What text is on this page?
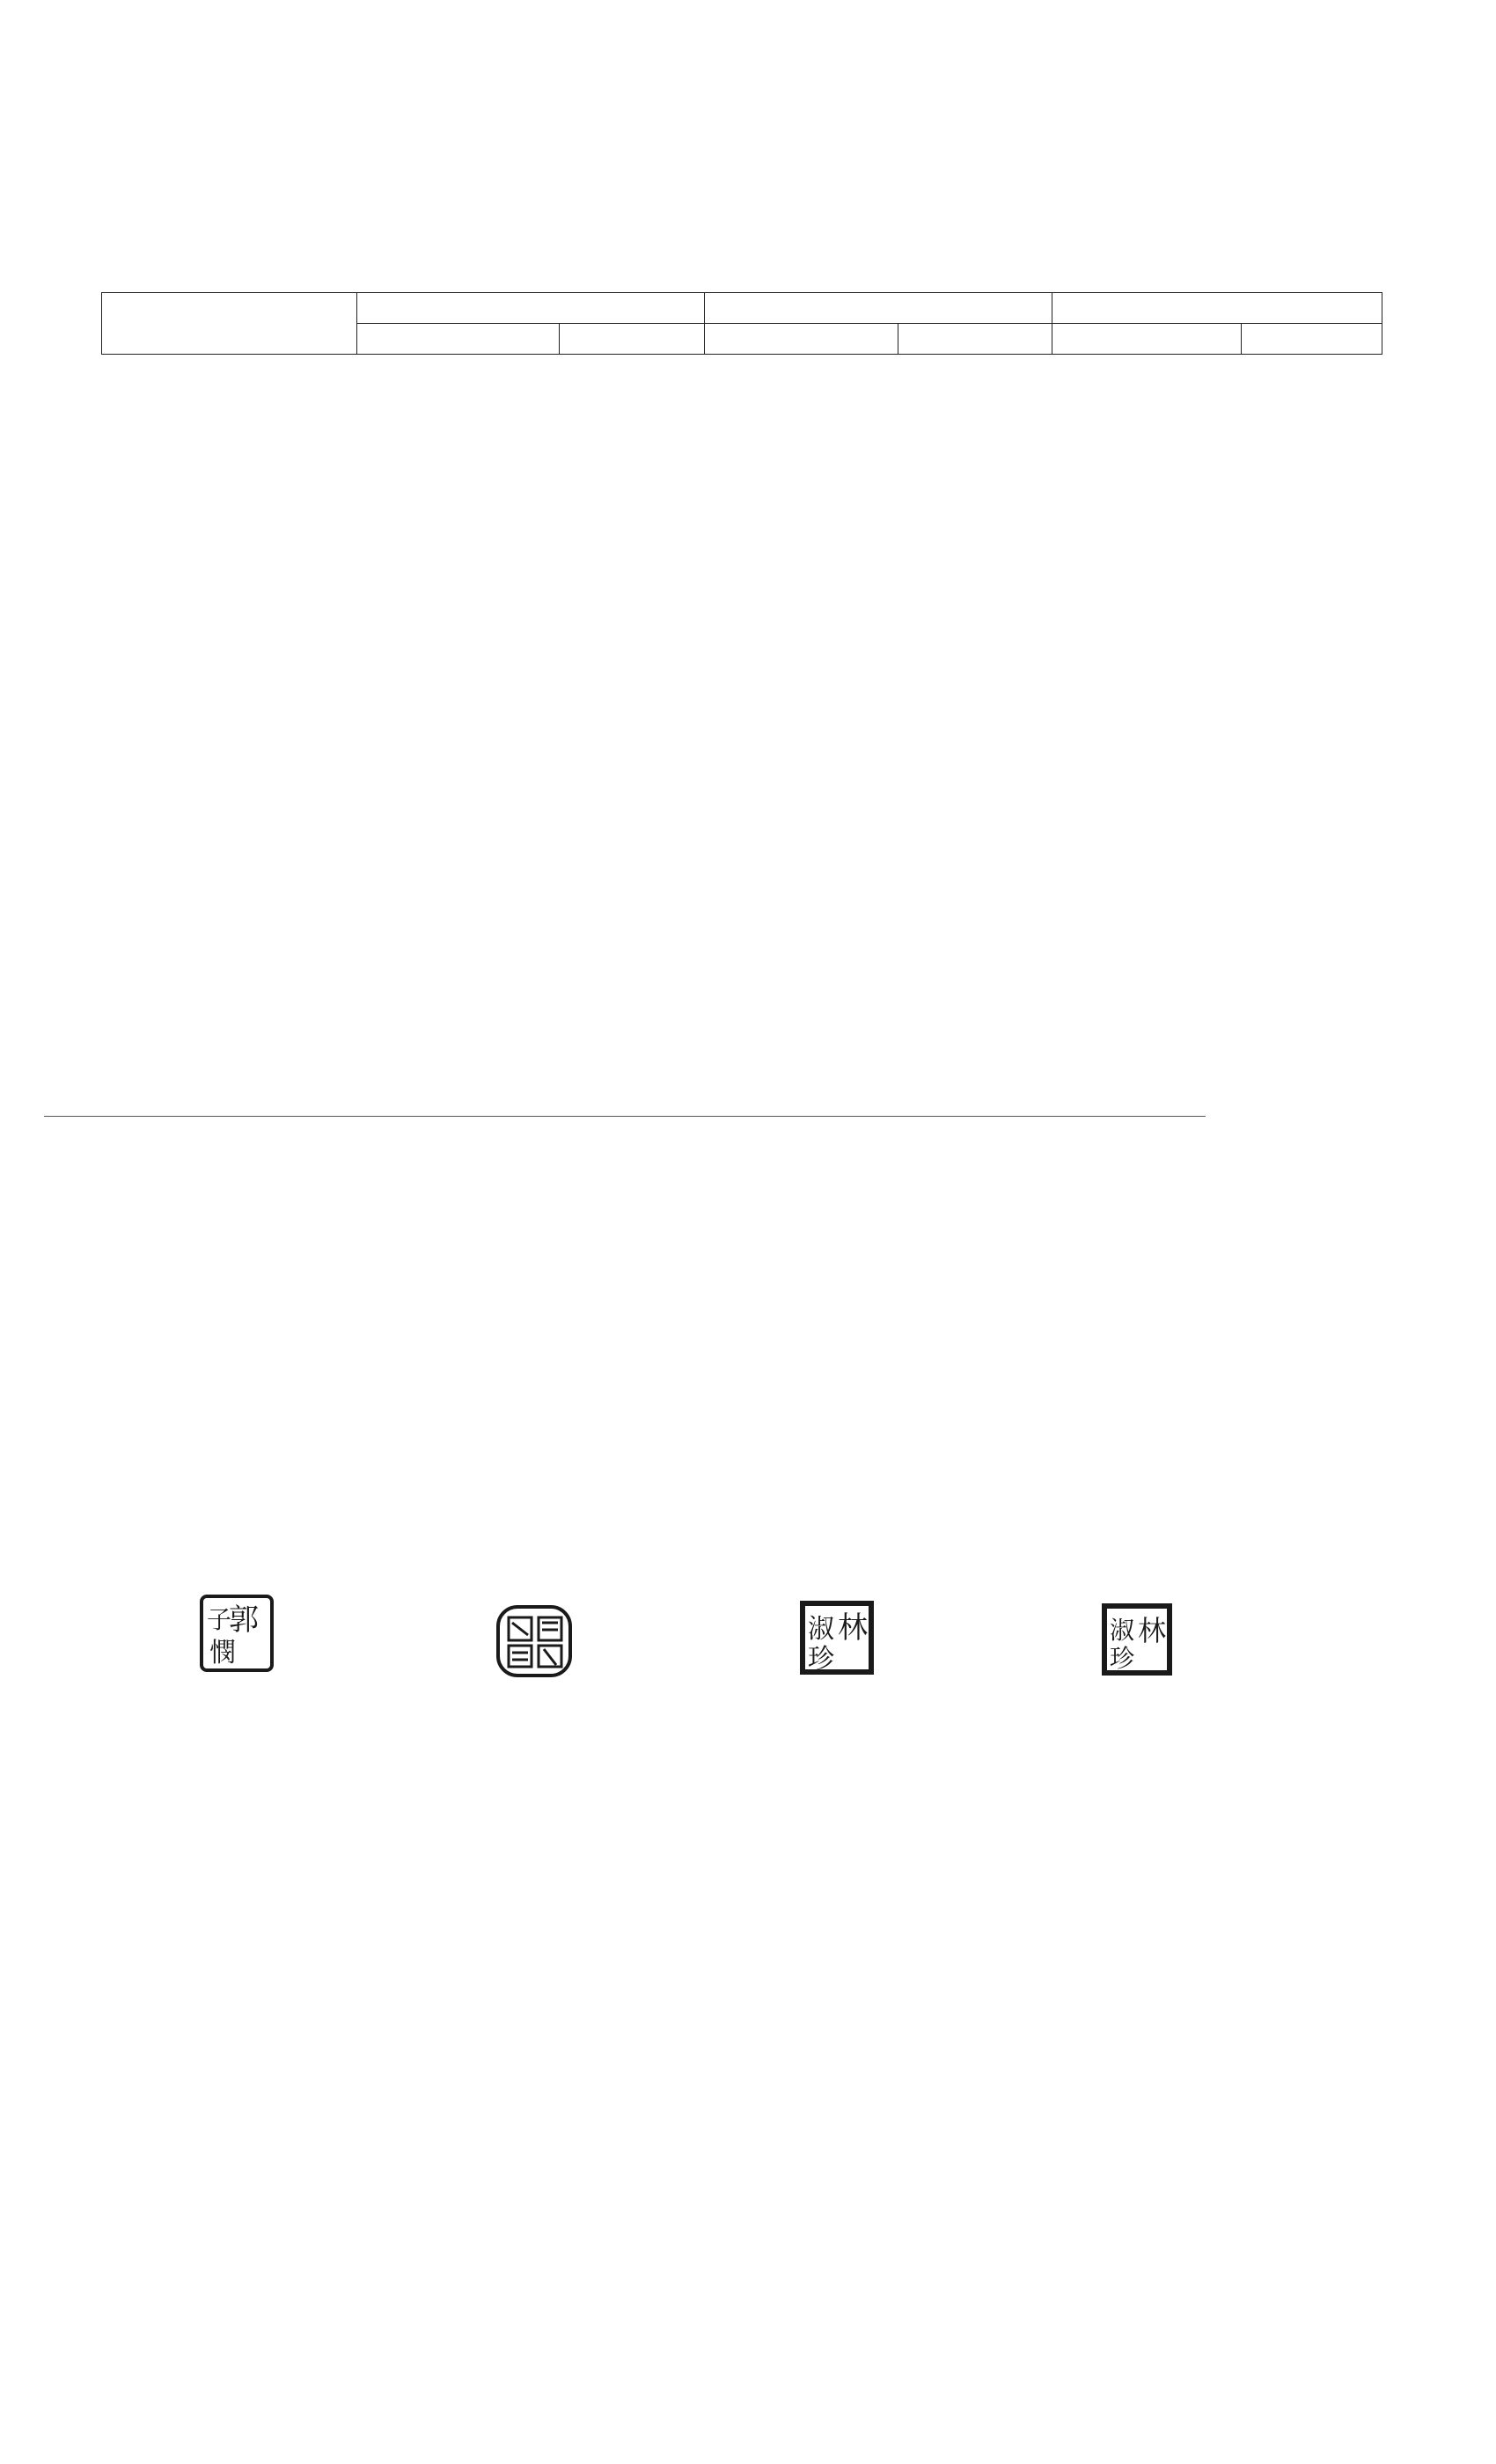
郭
子
憫
林
淑
珍
林
淑
珍
